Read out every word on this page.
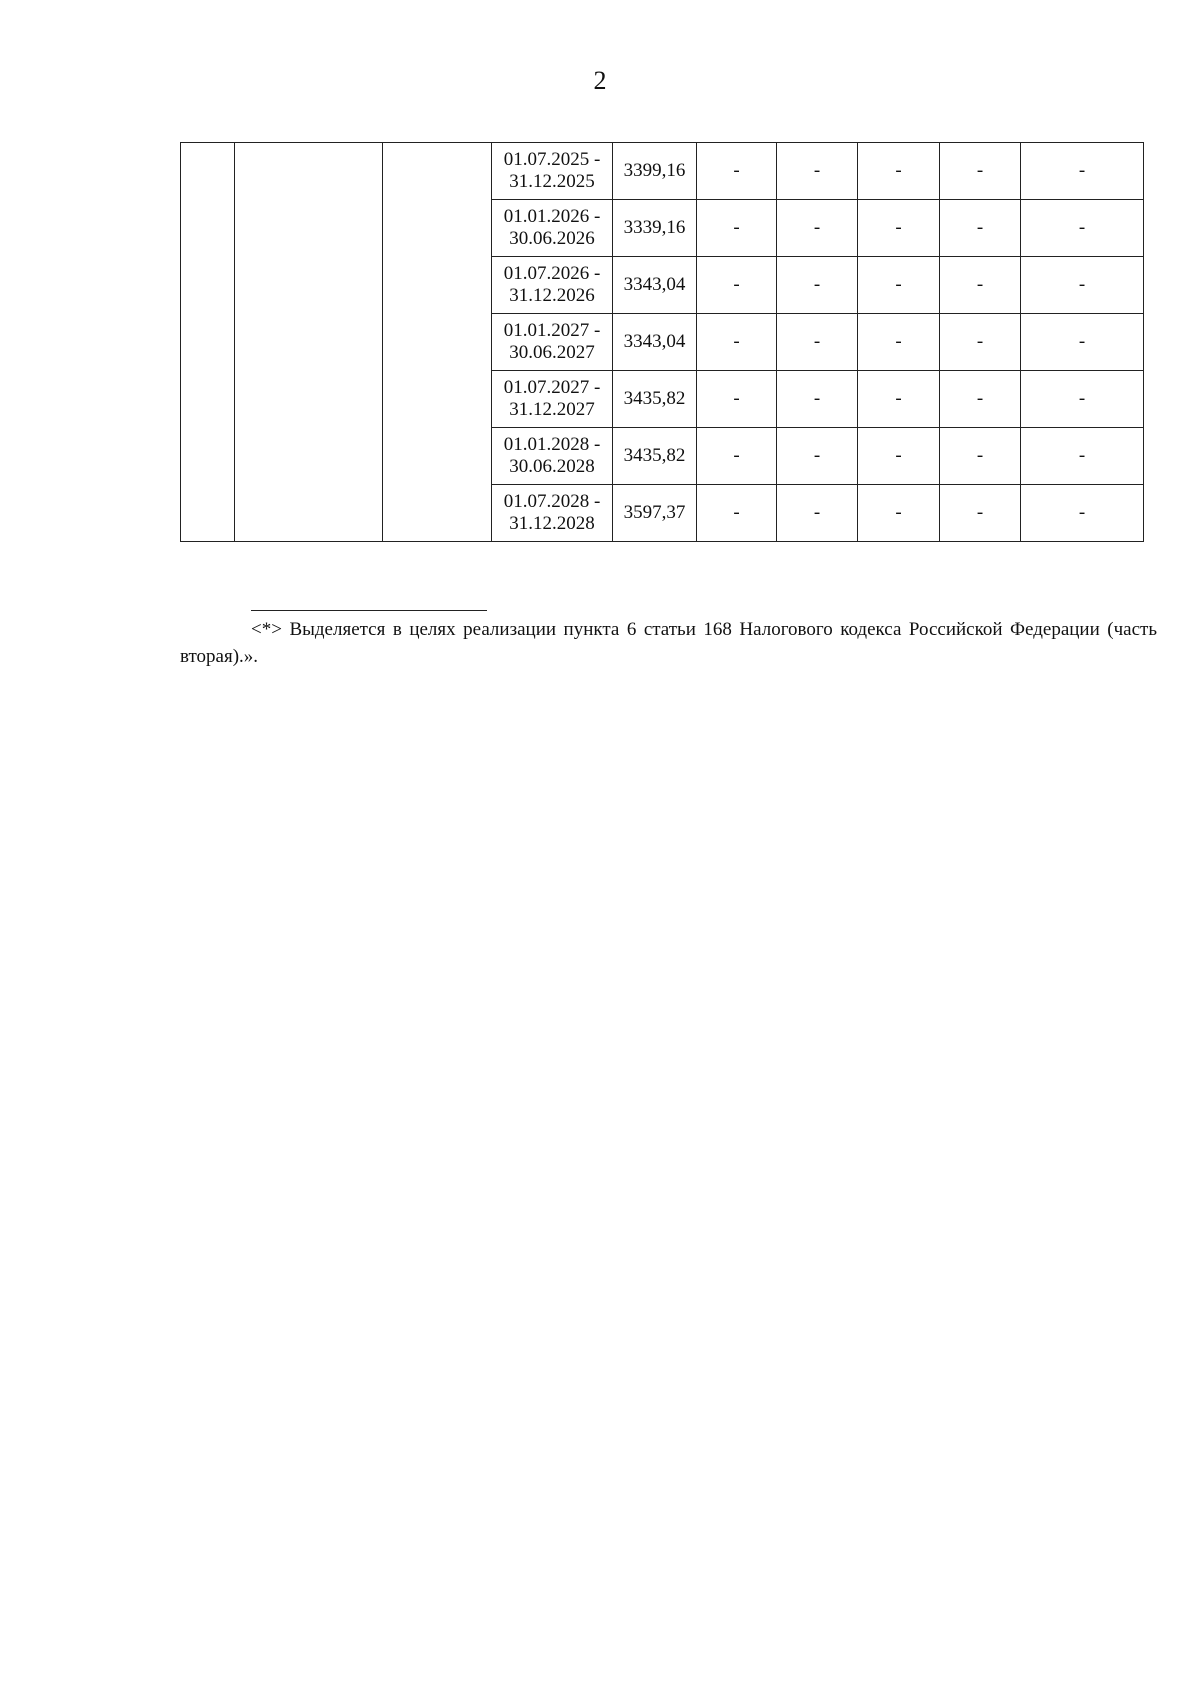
2

			01.07.2025 -
31.12.2025	3399,16	-	-	-	-	-

			01.01.2026 -
30.06.2026	3339,16	-	-	-	-	-

			01.07.2026 -
31.12.2026	3343,04	-	-	-	-	-

			01.01.2027 -
30.06.2027	3343,04	-	-	-	-	-

			01.07.2027 -
31.12.2027	3435,82	-	-	-	-	-

			01.01.2028 -
30.06.2028	3435,82	-	-	-	-	-

			01.07.2028 -
31.12.2028	3597,37	-	-	-	-	-
<*> Выделяется в целях реализации пункта 6 статьи 168 Налогового кодекса Российской Федерации (часть вторая).».
